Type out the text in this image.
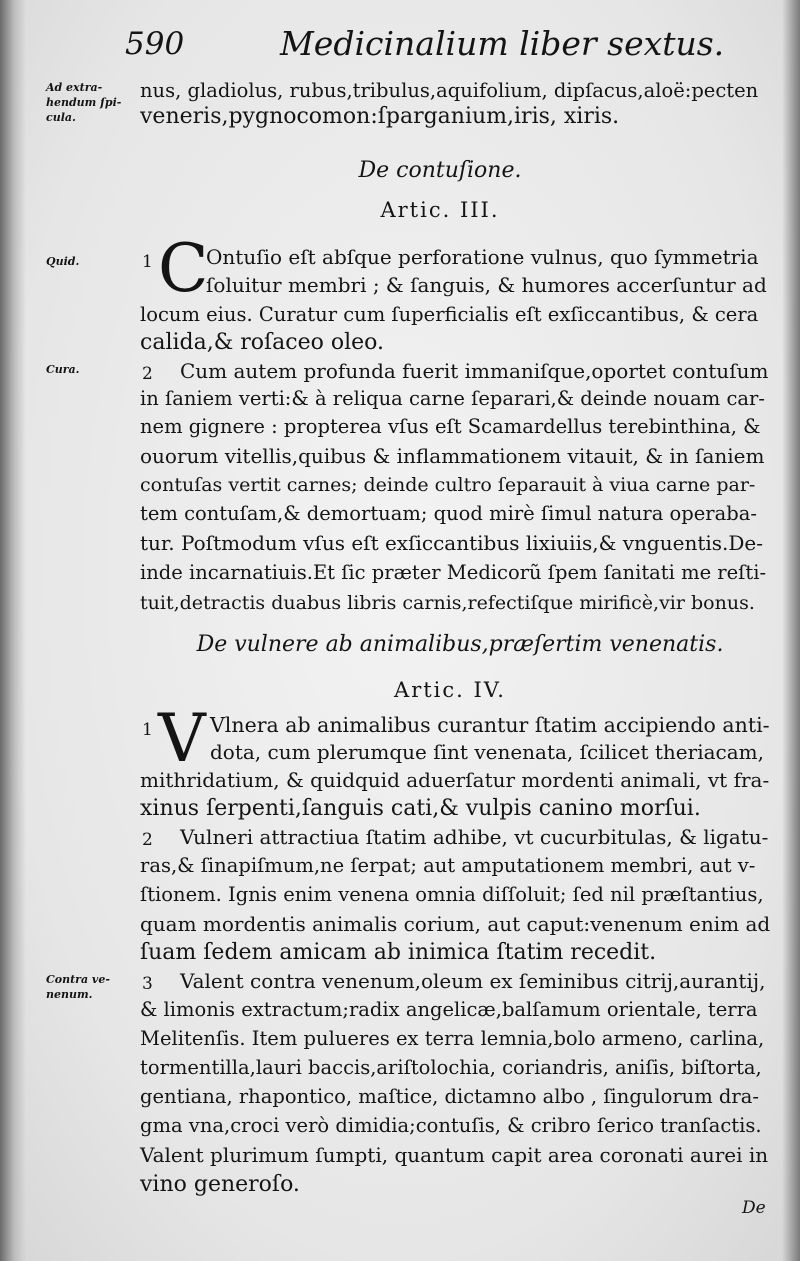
590	Medicinalium liber sextus.
Ad extra-
hendum ſpi-
cula.
Quid.
Cura.
Contra ve-
nenum.
nus, gladiolus, rubus,tribulus,aquifolium, dipſacus,aloë:pecten
veneris,pygnocomon:ſparganium,iris, xiris.
De contuſione.
Artic. III.
1 C
Ontuſio eſt abſque perforatione vulnus, quo ſymmetria
ſoluitur membri ; & ſanguis, & humores accerſuntur ad
locum eius. Curatur cum ſuperficialis eſt exſiccantibus, & cera
calida,& roſaceo oleo.
2 Cum autem profunda fuerit immaniſque,oportet contuſum
in ſaniem verti:& à reliqua carne ſeparari,& deinde nouam car-
nem gignere : propterea vſus eſt Scamardellus terebinthina, &
ouorum vitellis,quibus & inflammationem vitauit, & in ſaniem
contuſas vertit carnes; deinde cultro ſeparauit à viua carne par-
tem contuſam,& demortuam; quod mirè ſimul natura operaba-
tur. Poſtmodum vſus eſt exſiccantibus lixiuiis,& vnguentis.De-
inde incarnatiuis.Et ſic præter Medicorũ ſpem ſanitati me reſti-
tuit,detractis duabus libris carnis,refectiſque mirificè,vir bonus.
De vulnere ab animalibus,præſertim venenatis.
Artic. IV.
1 V Vlnera ab animalibus curantur ſtatim accipiendo anti-
dota, cum plerumque ſint venenata, ſcilicet theriacam,
mithridatium, & quidquid aduerſatur mordenti animali, vt fra-
xinus ſerpenti,ſanguis cati,& vulpis canino morſui.
2 Vulneri attractiua ſtatim adhibe, vt cucurbitulas, & ligatu-
ras,& ſinapiſmum,ne ſerpat; aut amputationem membri, aut v-
ſtionem. Ignis enim venena omnia diſſoluit; ſed nil præſtantius,
quam mordentis animalis corium, aut caput:venenum enim ad
ſuam ſedem amicam ab inimica ſtatim recedit.
3 Valent contra venenum,oleum ex ſeminibus citrij,aurantij,
& limonis extractum;radix angelicæ,balſamum orientale, terra
Melitenſis. Item pulueres ex terra lemnia,bolo armeno, carlina,
tormentilla,lauri baccis,ariſtolochia, coriandris, aniſis, biſtorta,
gentiana, rhapontico, maſtice, dictamno albo , ſingulorum dra-
gma vna,croci verò dimidia;contuſis, & cribro ſerico tranſactis.
Valent plurimum ſumpti, quantum capit area coronati aurei in
vino generoſo.
De
